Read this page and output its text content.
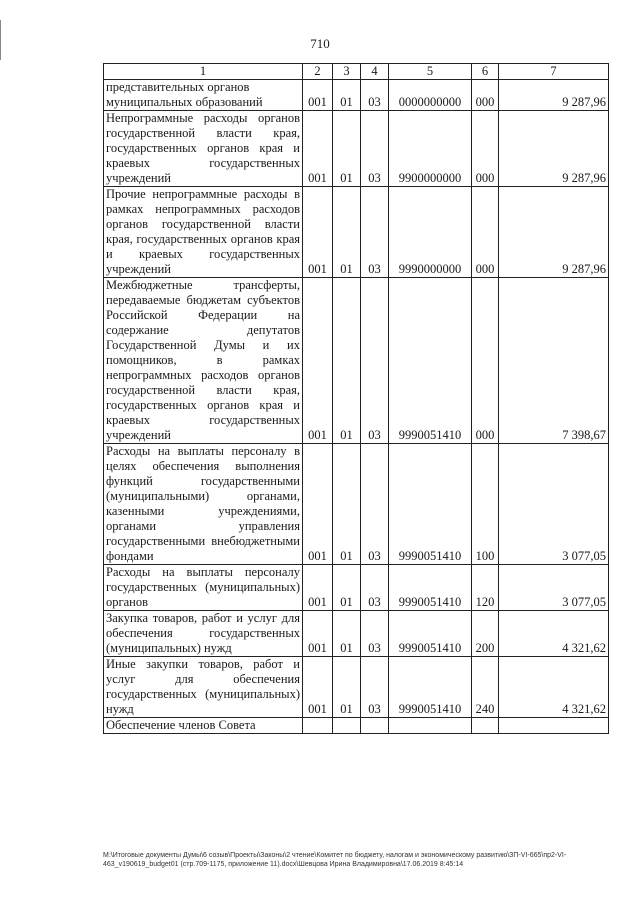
710
1	2	3	4	5	6	7
представительных органов
муниципальных образований	001	01	03	0000000000	000	9 287,96
Непрограммные расходы органов государственной власти края, государственных органов края и краевых государственных учреждений	001	01	03	9900000000	000	9 287,96
Прочие непрограммные расходы в рамках непрограммных расходов органов государственной власти края, государственных органов края и краевых государственных учреждений	001	01	03	9990000000	000	9 287,96
Межбюджетные трансферты, передаваемые бюджетам субъектов Российской Федерации на содержание депутатов Государственной Думы и их помощников, в рамках непрограммных расходов органов государственной власти края, государственных органов края и краевых государственных учреждений	001	01	03	9990051410	000	7 398,67
Расходы на выплаты персоналу в целях обеспечения выполнения функций государственными (муниципальными) органами, казенными учреждениями, органами управления государственными внебюджетными фондами	001	01	03	9990051410	100	3 077,05
Расходы на выплаты персоналу государственных (муниципальных) органов	001	01	03	9990051410	120	3 077,05
Закупка товаров, работ и услуг для обеспечения государственных (муниципальных) нужд	001	01	03	9990051410	200	4 321,62
Иные закупки товаров, работ и услуг для обеспечения государственных (муниципальных) нужд	001	01	03	9990051410	240	4 321,62
Обеспечение членов Совета						
M:\Итоговые документы Думы\6 созыв\Проекты\Законы\2 чтение\Комитет по бюджету, налогам и экономическому развитию\ЗП-VI-665\пр2-VI-463_v190619_budget01 (стр.709-1175, приложение 11).docx\Шевцова Ирина Владимировна\17.06.2019 8:45:14
